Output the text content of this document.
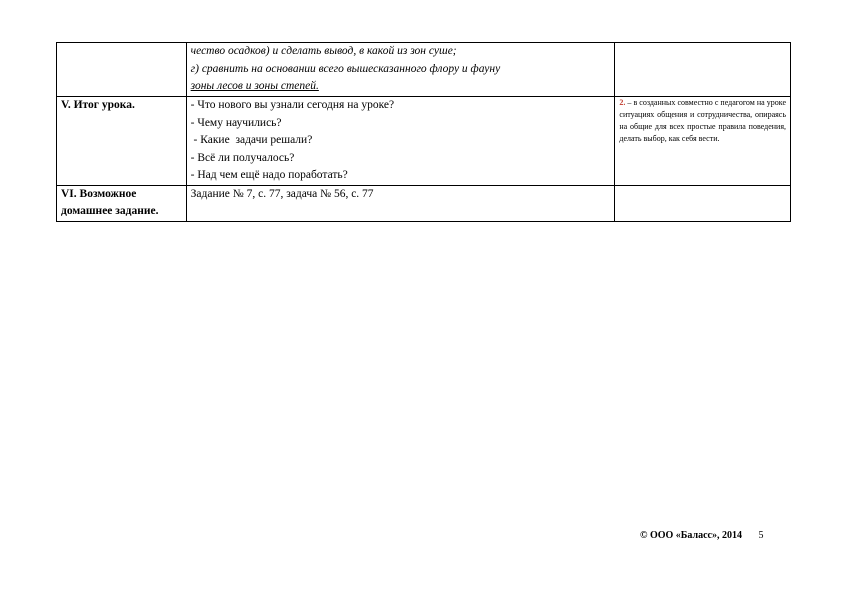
	чество осадков) и сделать вывод, в какой из зон суше;
г) сравнить на основании всего вышесказанного флору и фауну
зоны лесов и зоны степей.	

V. Итог урока.	- Что нового вы узнали сегодня на уроке?
- Чему научились?
- Какие  задачи решали?
- Всё ли получалось?
- Над чем ещё надо поработать?	2. – в созданных совместно с педагогом на уроке ситуациях общения и сотрудничества, опираясь на общие для всех простые правила поведения, делать выбор, как себя вести.

VI. Возможное
домашнее задание.	Задание № 7, с. 77, задача № 56, с. 77	

© ООО «Баласс», 2014 5
